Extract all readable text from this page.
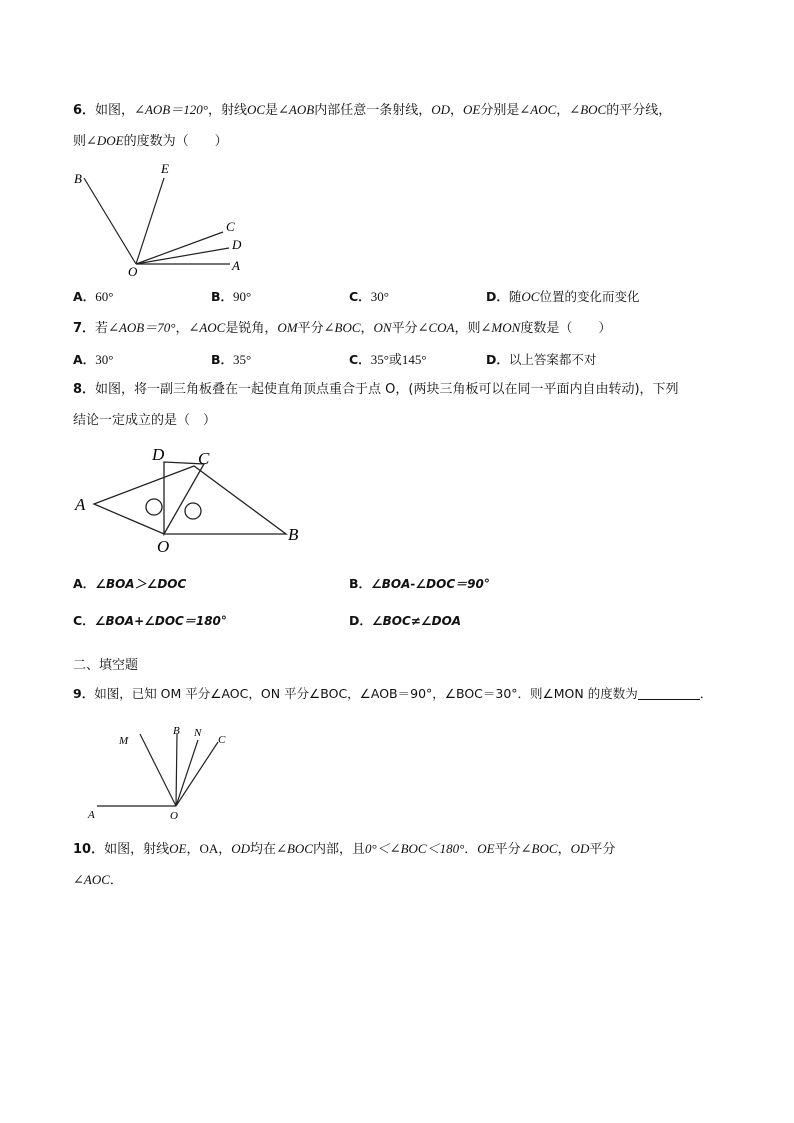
6．如图，∠AOB＝120°，射线OC是∠AOB内部任意一条射线，OD，OE分别是∠AOC，∠BOC的平分线，
则∠DOE的度数为（　　）
B
E
C
D
O	A
A．60°	B．90°	C．30°	D．随OC位置的变化而变化
7．若∠AOB＝70°，∠AOC是锐角，OM平分∠BOC，ON平分∠COA，则∠MON度数是（　　）
A．30°	B．35°	C．35°或145°	D．以上答案都不对
8．如图，将一副三角板叠在一起使直角顶点重合于点 O，(两块三角板可以在同一平面内自由转动)，下列
结论一定成立的是（　）
D C
A
O
B
A．∠BOA＞∠DOC	B．∠BOA-∠DOC＝90°
C．∠BOA+∠DOC＝180°	D．∠BOC≠∠DOA
二、填空题
9．如图，已知 OM 平分∠AOC，ON 平分∠BOC，∠AOB＝90°，∠BOC＝30°．则∠MON 的度数为	．
M
B N
C
A	O
10．如图，射线OE，OA，OD均在∠BOC内部，且0°＜∠BOC＜180°．OE平分∠BOC，OD平分
∠AOC．
